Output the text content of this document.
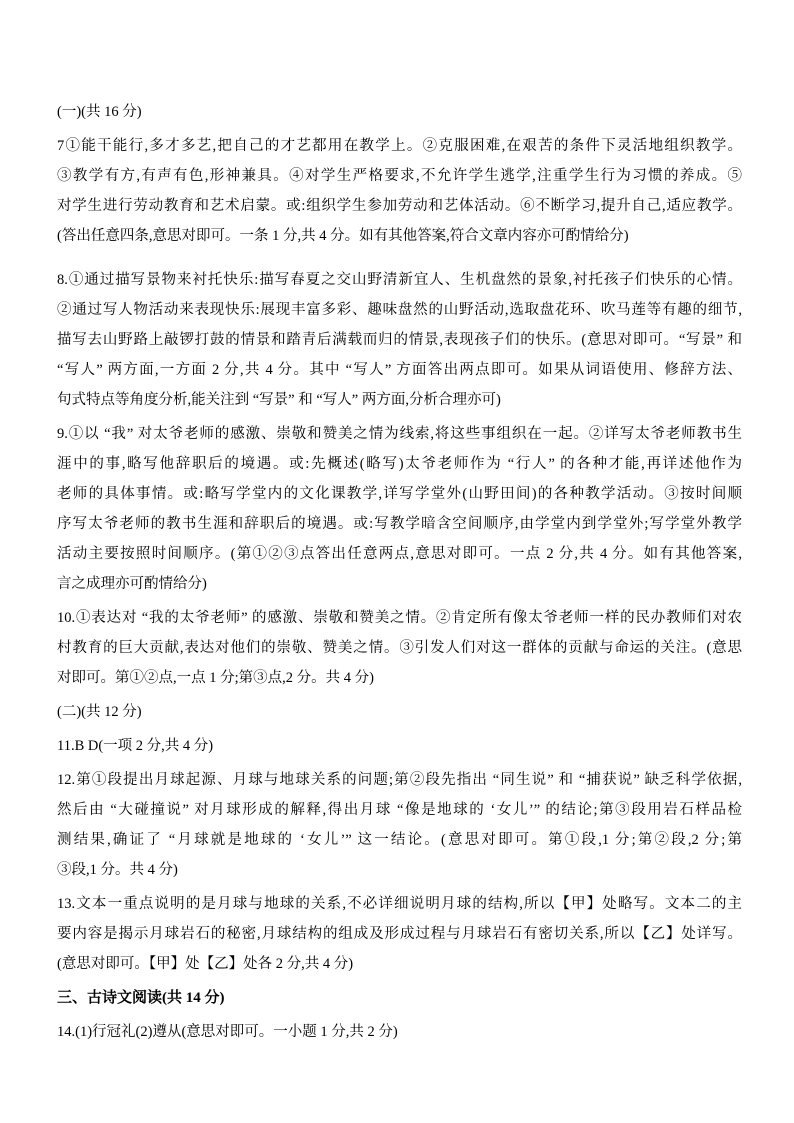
(一)(共 16 分)
7①能干能行,多才多艺,把自己的才艺都用在教学上。②克服困难,在艰苦的条件下灵活地组织教学。
③教学有方,有声有色,形神兼具。④对学生严格要求,不允许学生逃学,注重学生行为习惯的养成。⑤
对学生进行劳动教育和艺术启蒙。或:组织学生参加劳动和艺体活动。⑥不断学习,提升自己,适应教学。
(答出任意四条,意思对即可。一条 1 分,共 4 分。如有其他答案,符合文章内容亦可酌情给分)
8.①通过描写景物来衬托快乐:描写春夏之交山野清新宜人、生机盘然的景象,衬托孩子们快乐的心情。
②通过写人物活动来表现快乐:展现丰富多彩、趣味盘然的山野活动,选取盘花环、吹马莲等有趣的细节,
描写去山野路上敲锣打鼓的情景和踏青后满载而归的情景,表现孩子们的快乐。(意思对即可。“写景” 和
“写人” 两方面,一方面 2 分,共 4 分。其中 “写人” 方面答出两点即可。如果从词语使用、修辞方法、
句式特点等角度分析,能关注到 “写景” 和 “写人” 两方面,分析合理亦可)
9.①以 “我” 对太爷老师的感激、崇敬和赞美之情为线索,将这些事组织在一起。②详写太爷老师教书生
涯中的事,略写他辞职后的境遇。或:先概述(略写)太爷老师作为 “行人” 的各种才能,再详述他作为
老师的具体事情。或:略写学堂内的文化课教学,详写学堂外(山野田间)的各种教学活动。③按时间顺
序写太爷老师的教书生涯和辞职后的境遇。或:写教学暗含空间顺序,由学堂内到学堂外;写学堂外教学
活动主要按照时间顺序。(第①②③点答出任意两点,意思对即可。一点 2 分,共 4 分。如有其他答案,
言之成理亦可酌情给分)
10.①表达对 “我的太爷老师” 的感激、崇敬和赞美之情。②肯定所有像太爷老师一样的民办教师们对农
村教育的巨大贡献,表达对他们的崇敬、赞美之情。③引发人们对这一群体的贡献与命运的关注。(意思
对即可。第①②点,一点 1 分;第③点,2 分。共 4 分)
(二)(共 12 分)
11.B D(一项 2 分,共 4 分)
12.第①段提出月球起源、月球与地球关系的问题;第②段先指出 “同生说” 和 “捕获说” 缺乏科学依据,
然后由 “大碰撞说” 对月球形成的解释,得出月球 “像是地球的 ‘女儿’” 的结论;第③段用岩石样品检
测结果,确证了 “月球就是地球的 ‘女儿’” 这一结论。(意思对即可。第①段,1 分;第②段,2 分;第
③段,1 分。共 4 分)
13.文本一重点说明的是月球与地球的关系,不必详细说明月球的结构,所以【甲】处略写。文本二的主
要内容是揭示月球岩石的秘密,月球结构的组成及形成过程与月球岩石有密切关系,所以【乙】处详写。
(意思对即可。【甲】处【乙】处各 2 分,共 4 分)
三、古诗文阅读(共 14 分)
14.(1)行冠礼(2)遵从(意思对即可。一小题 1 分,共 2 分)
